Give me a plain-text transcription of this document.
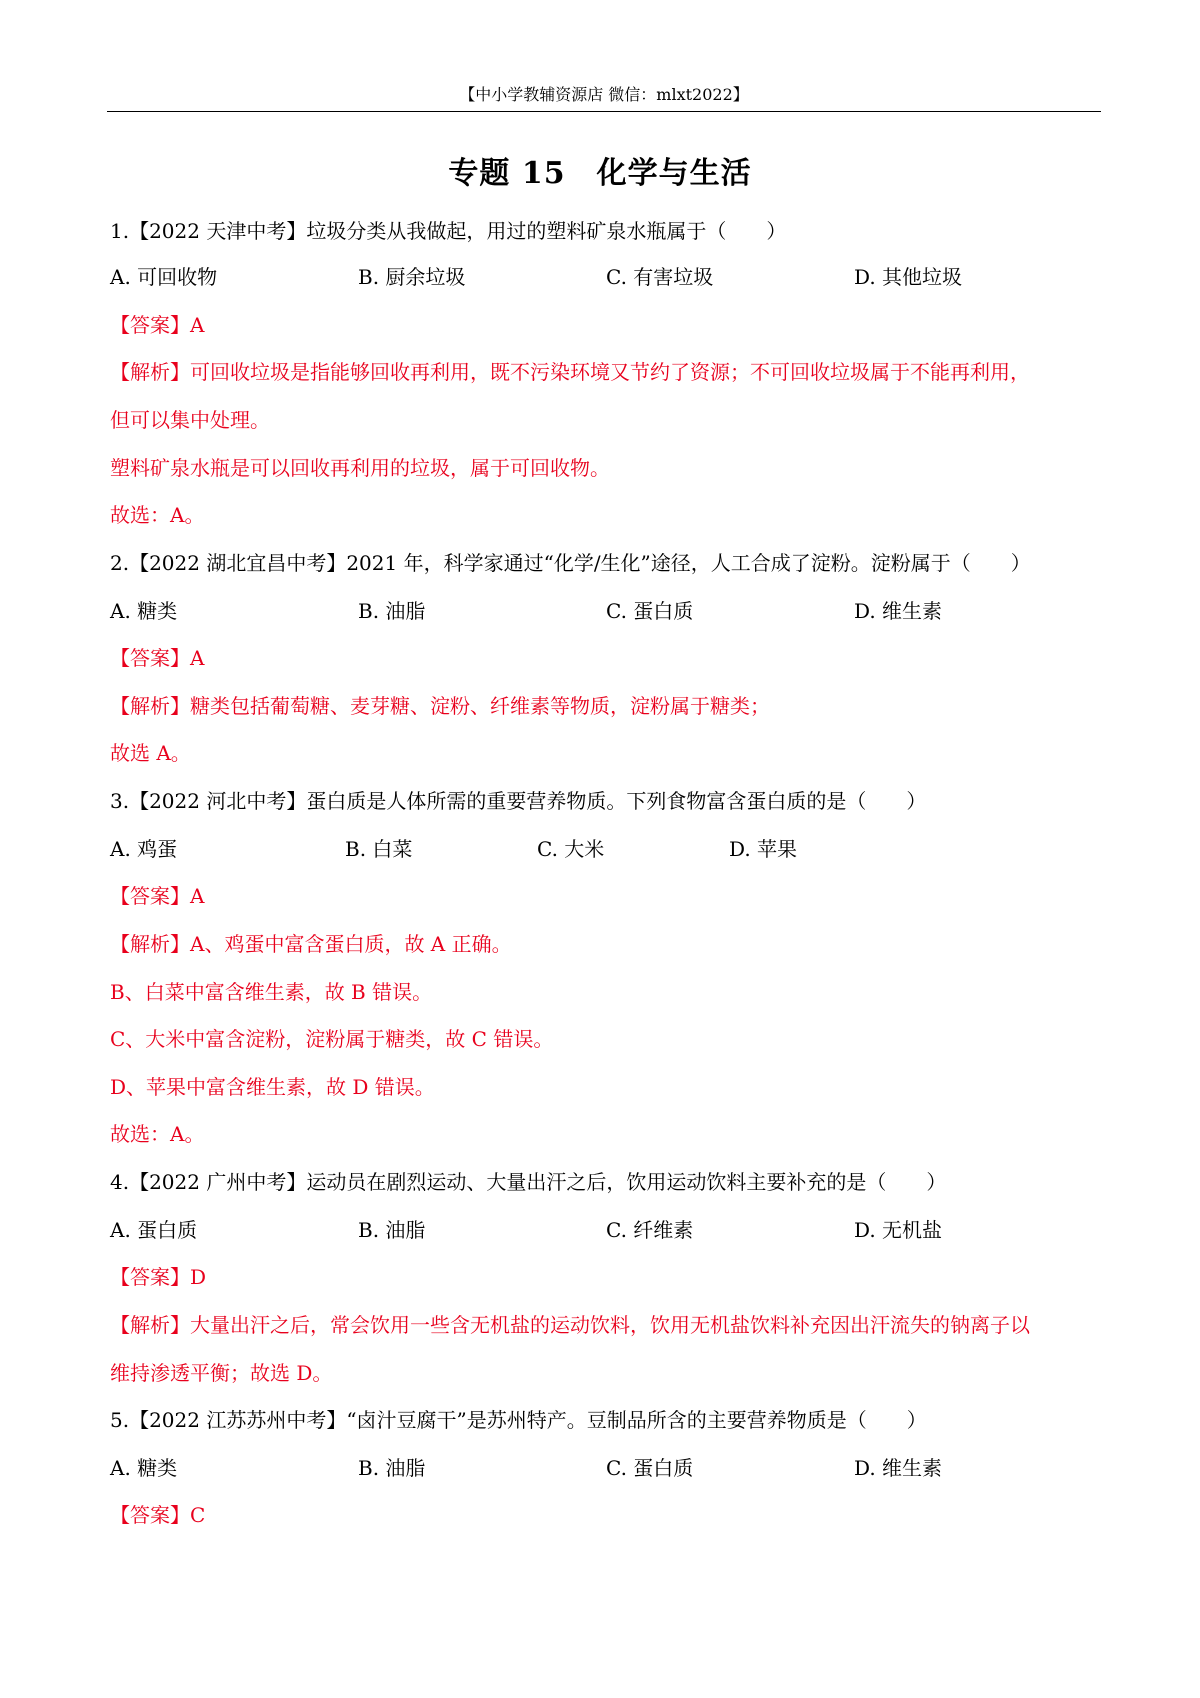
【中小学教辅资源店 微信：mlxt2022】
专题 15　化学与生活
1.【2022 天津中考】垃圾分类从我做起，用过的塑料矿泉水瓶属于（　　）
A. 可回收物	B. 厨余垃圾	C. 有害垃圾	D. 其他垃圾
【答案】A
【解析】可回收垃圾是指能够回收再利用，既不污染环境又节约了资源；不可回收垃圾属于不能再利用，
但可以集中处理。
塑料矿泉水瓶是可以回收再利用的垃圾，属于可回收物。
故选：A。
2.【2022 湖北宜昌中考】2021 年，科学家通过“化学/生化”途径，人工合成了淀粉。淀粉属于（　　）
A. 糖类	B. 油脂	C. 蛋白质	D. 维生素
【答案】A
【解析】糖类包括葡萄糖、麦芽糖、淀粉、纤维素等物质，淀粉属于糖类；
故选 A。
3.【2022 河北中考】蛋白质是人体所需的重要营养物质。下列食物富含蛋白质的是（　　）
A. 鸡蛋	B. 白菜	C. 大米	D. 苹果
【答案】A
【解析】A、鸡蛋中富含蛋白质，故 A 正确。
B、白菜中富含维生素，故 B 错误。
C、大米中富含淀粉，淀粉属于糖类，故 C 错误。
D、苹果中富含维生素，故 D 错误。
故选：A。
4.【2022 广州中考】运动员在剧烈运动、大量出汗之后，饮用运动饮料主要补充的是（　　）
A. 蛋白质	B. 油脂	C. 纤维素	D. 无机盐
【答案】D
【解析】大量出汗之后，常会饮用一些含无机盐的运动饮料，饮用无机盐饮料补充因出汗流失的钠离子以
维持渗透平衡；故选 D。
5.【2022 江苏苏州中考】“卤汁豆腐干”是苏州特产。豆制品所含的主要营养物质是（　　）
A. 糖类	B. 油脂	C. 蛋白质	D. 维生素
【答案】C
